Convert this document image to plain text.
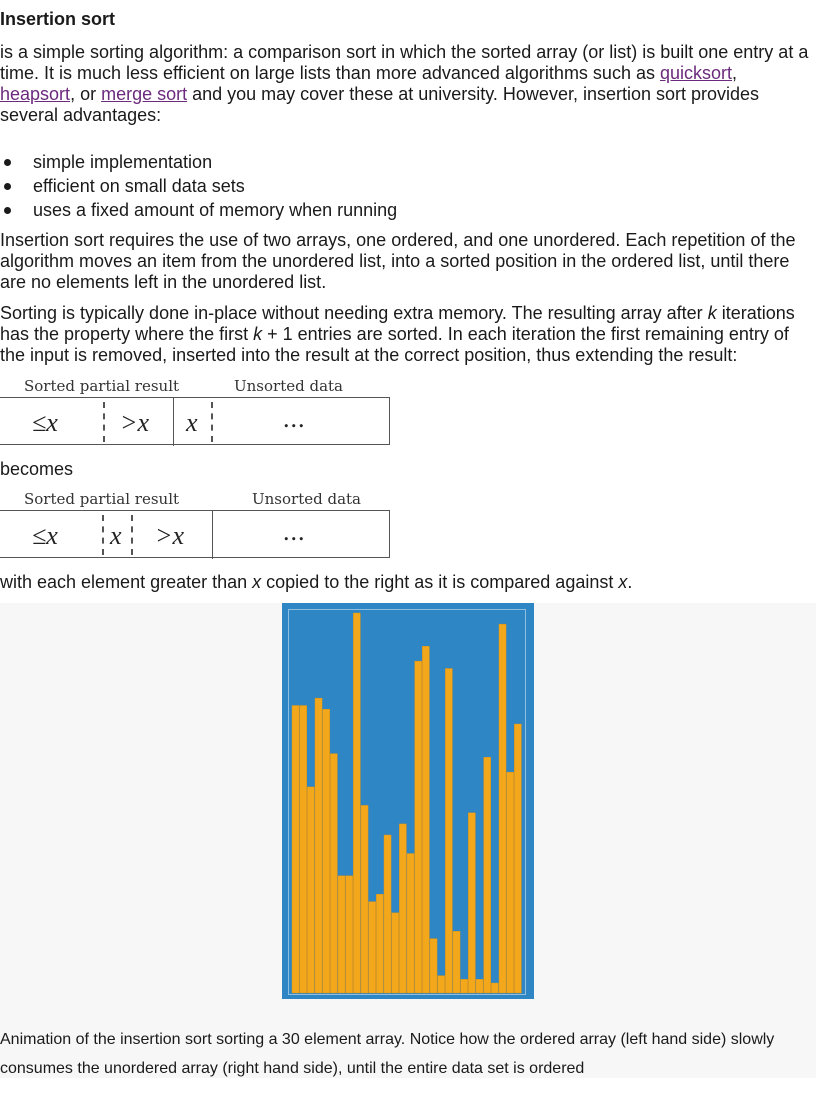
Insertion sort

is a simple sorting algorithm: a comparison sort in which the sorted array (or list) is built one entry at a time. It is much less efficient on large lists than more advanced algorithms such as quicksort, heapsort, or merge sort and you may cover these at university. However, insertion sort provides several advantages:

simple implementation
efficient on small data sets
uses a fixed amount of memory when running

Insertion sort requires the use of two arrays, one ordered, and one unordered. Each repetition of the algorithm moves an item from the unordered list, into a sorted position in the ordered list, until there are no elements left in the unordered list.

Sorting is typically done in-place without needing extra memory. The resulting array after k iterations has the property where the first k + 1 entries are sorted. In each iteration the first remaining entry of the input is removed, inserted into the result at the correct position, thus extending the result:

Sorted partial result	Unsorted data
≤x >x x	...

becomes

Sorted partial result	Unsorted data
≤x x >x	...

with each element greater than x copied to the right as it is compared against x.

Animation of the insertion sort sorting a 30 element array. Notice how the ordered array (left hand side) slowly consumes the unordered array (right hand side), until the entire data set is ordered
